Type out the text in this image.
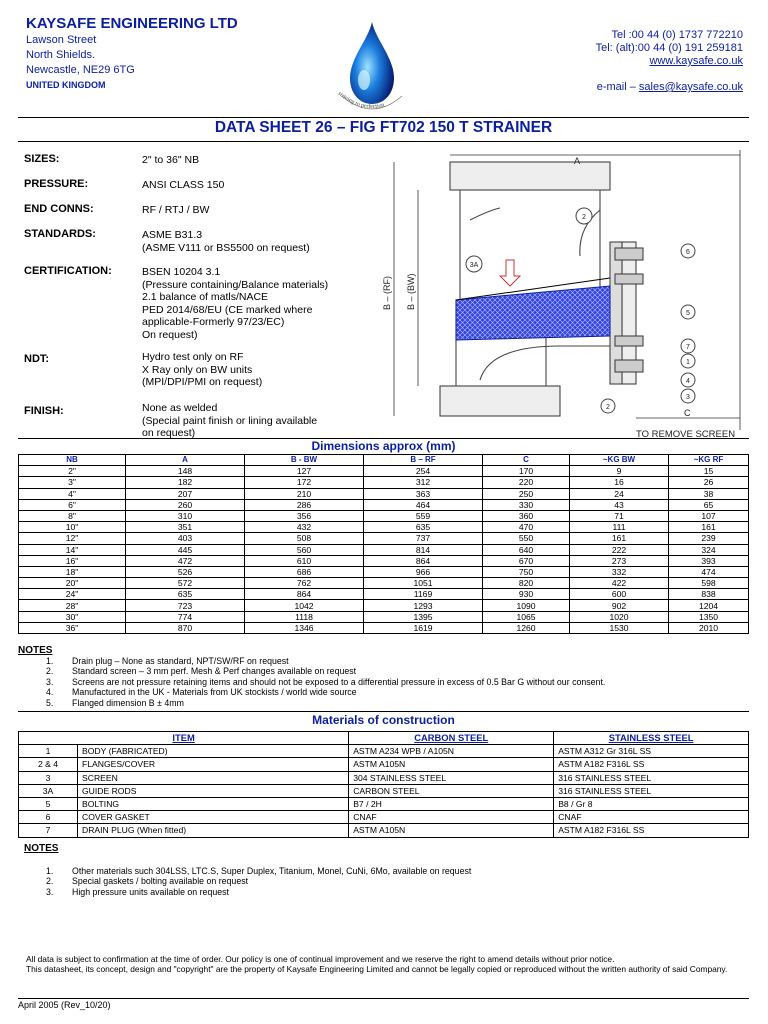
KAYSAFE ENGINEERING LTD
Lawson Street
North Shields.
Newcastle, NE29 6TG
UNITED KINGDOM
striving to perfection
Tel :00 44 (0) 1737 772210
Tel: (alt):00 44 (0) 191 259181
www.kaysafe.co.uk
e-mail – sales@kaysafe.co.uk
DATA SHEET 26 – FIG FT702 150 T STRAINER
SIZES:	2" to 36" NB
PRESSURE:	ANSI CLASS 150
END CONNS:	RF / RTJ / BW
STANDARDS:	ASME B31.3
(ASME V111 or BS5500 on request)
CERTIFICATION:	BSEN 10204 3.1
(Pressure containing/Balance materials)
2.1 balance of matls/NACE
PED 2014/68/EU (CE marked where
applicable-Formerly 97/23/EC)
On request)
NDT:	Hydro test only on RF
X Ray only on BW units
(MPI/DPI/PMI on request)
FINISH:	None as welded
(Special paint finish or lining available
on request)
A
C
B – (RF) B – (BW)
TO REMOVE SCREEN
2
6
3A
5
7
1
4
3
2
Dimensions approx (mm)
NB	A	B - BW	B – RF	C	~KG BW	~KG RF
2"	148	127	254	170	9	15
3"	182	172	312	220	16	26
4"	207	210	363	250	24	38
6"	260	286	464	330	43	65
8"	310	356	559	360	71	107
10"	351	432	635	470	111	161
12"	403	508	737	550	161	239
14"	445	560	814	640	222	324
16"	472	610	864	670	273	393
18"	526	686	966	750	332	474
20"	572	762	1051	820	422	598
24"	635	864	1169	930	600	838
28"	723	1042	1293	1090	902	1204
30"	774	1118	1395	1065	1020	1350
36"	870	1346	1619	1260	1530	2010
NOTES
1. Drain plug – None as standard, NPT/SW/RF on request
2. Standard screen – 3 mm perf. Mesh & Perf changes available on request
3. Screens are not pressure retaining items and should not be exposed to a differential pressure in excess of 0.5 Bar G without our consent.
4. Manufactured in the UK - Materials from UK stockists / world wide source
5. Flanged dimension B ± 4mm
Materials of construction
ITEM		CARBON STEEL	STAINLESS STEEL
1	BODY (FABRICATED)	ASTM A234 WPB / A105N	ASTM A312 Gr 316L SS
2 & 4	FLANGES/COVER	ASTM A105N	ASTM A182 F316L SS
3	SCREEN	304 STAINLESS STEEL	316 STAINLESS STEEL
3A	GUIDE RODS	CARBON STEEL	316 STAINLESS STEEL
5	BOLTING	B7 / 2H	B8 / Gr 8
6	COVER GASKET	CNAF	CNAF
7	DRAIN PLUG (When fitted)	ASTM A105N	ASTM A182 F316L SS
NOTES
1. Other materials such 304LSS, LTC.S, Super Duplex, Titanium, Monel, CuNi, 6Mo, available on request
2. Special gaskets / bolting available on request
3. High pressure units available on request
All data is subject to confirmation at the time of order. Our policy is one of continual improvement and we reserve the right to amend details without prior notice.
This datasheet, its concept, design and "copyright" are the property of Kaysafe Engineering Limited and cannot be legally copied or reproduced without the written authority of said Company.
April 2005 (Rev_10/20)
